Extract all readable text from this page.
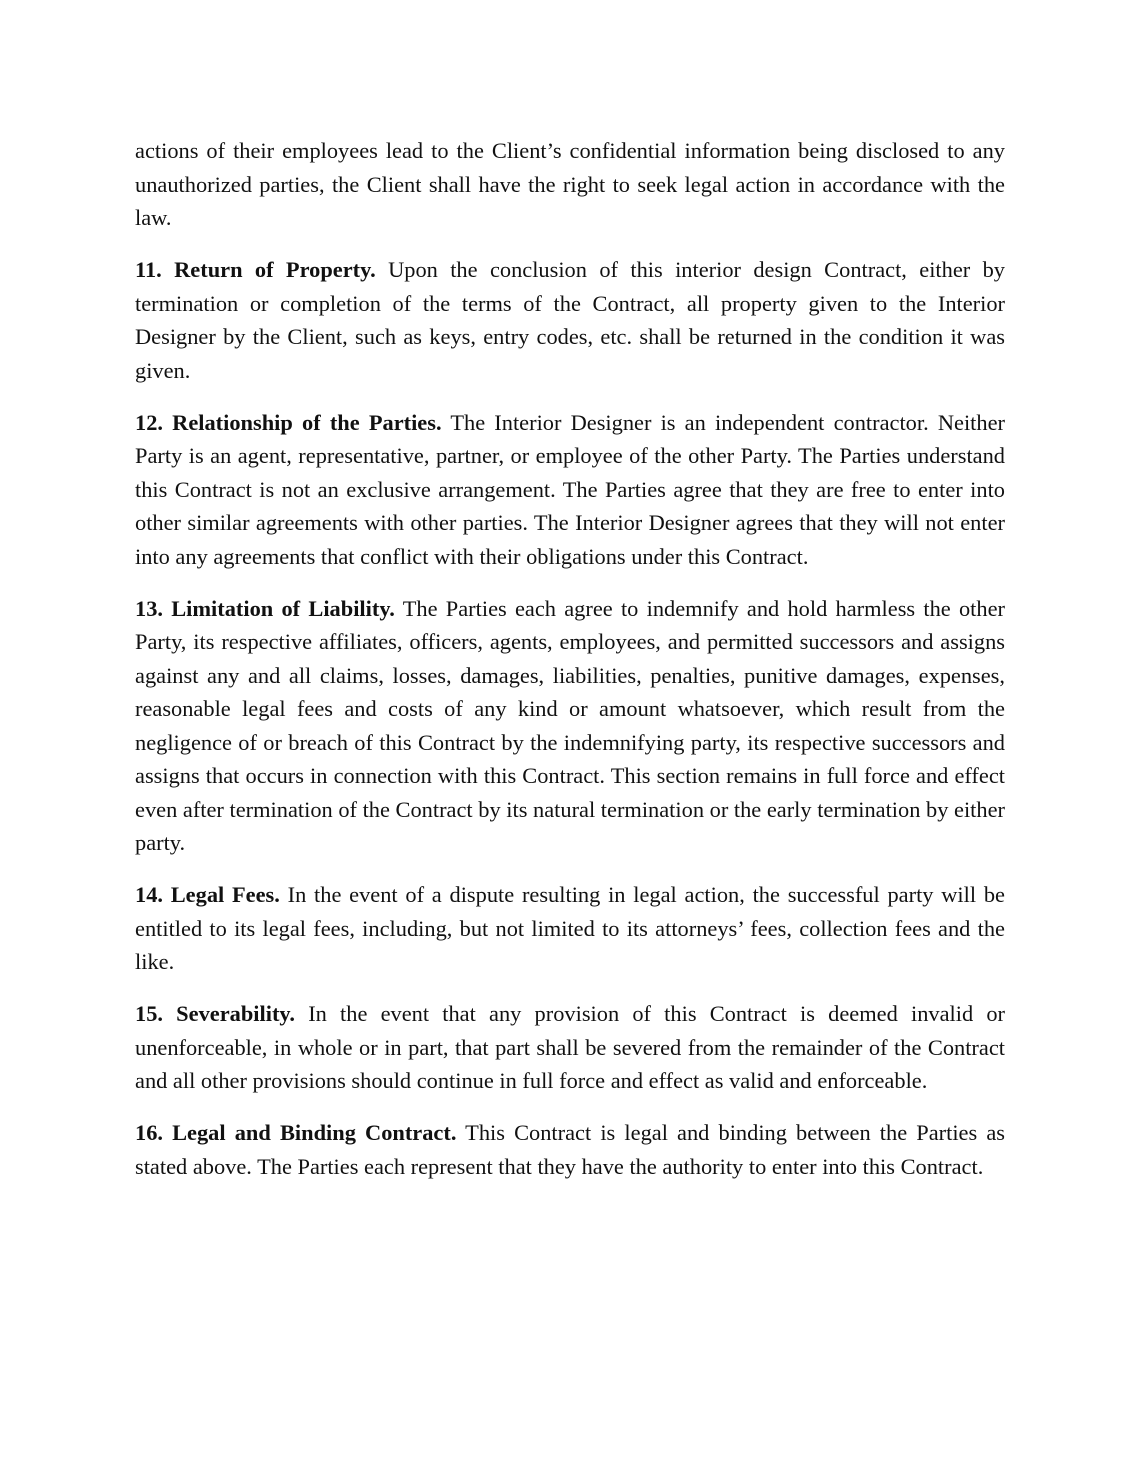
actions of their employees lead to the Client’s confidential information being disclosed to any unauthorized parties, the Client shall have the right to seek legal action in accordance with the law.

11. Return of Property. Upon the conclusion of this interior design Contract, either by termination or completion of the terms of the Contract, all property given to the Interior Designer by the Client, such as keys, entry codes, etc. shall be returned in the condition it was given.

12. Relationship of the Parties. The Interior Designer is an independent contractor. Neither Party is an agent, representative, partner, or employee of the other Party. The Parties understand this Contract is not an exclusive arrangement. The Parties agree that they are free to enter into other similar agreements with other parties. The Interior Designer agrees that they will not enter into any agreements that conflict with their obligations under this Contract.

13. Limitation of Liability. The Parties each agree to indemnify and hold harmless the other Party, its respective affiliates, officers, agents, employees, and permitted successors and assigns against any and all claims, losses, damages, liabilities, penalties, punitive damages, expenses, reasonable legal fees and costs of any kind or amount whatsoever, which result from the negligence of or breach of this Contract by the indemnifying party, its respective successors and assigns that occurs in connection with this Contract. This section remains in full force and effect even after termination of the Contract by its natural termination or the early termination by either party.

14. Legal Fees. In the event of a dispute resulting in legal action, the successful party will be entitled to its legal fees, including, but not limited to its attorneys’ fees, collection fees and the like.

15. Severability. In the event that any provision of this Contract is deemed invalid or unenforceable, in whole or in part, that part shall be severed from the remainder of the Contract and all other provisions should continue in full force and effect as valid and enforceable.

16. Legal and Binding Contract. This Contract is legal and binding between the Parties as stated above. The Parties each represent that they have the authority to enter into this Contract.
